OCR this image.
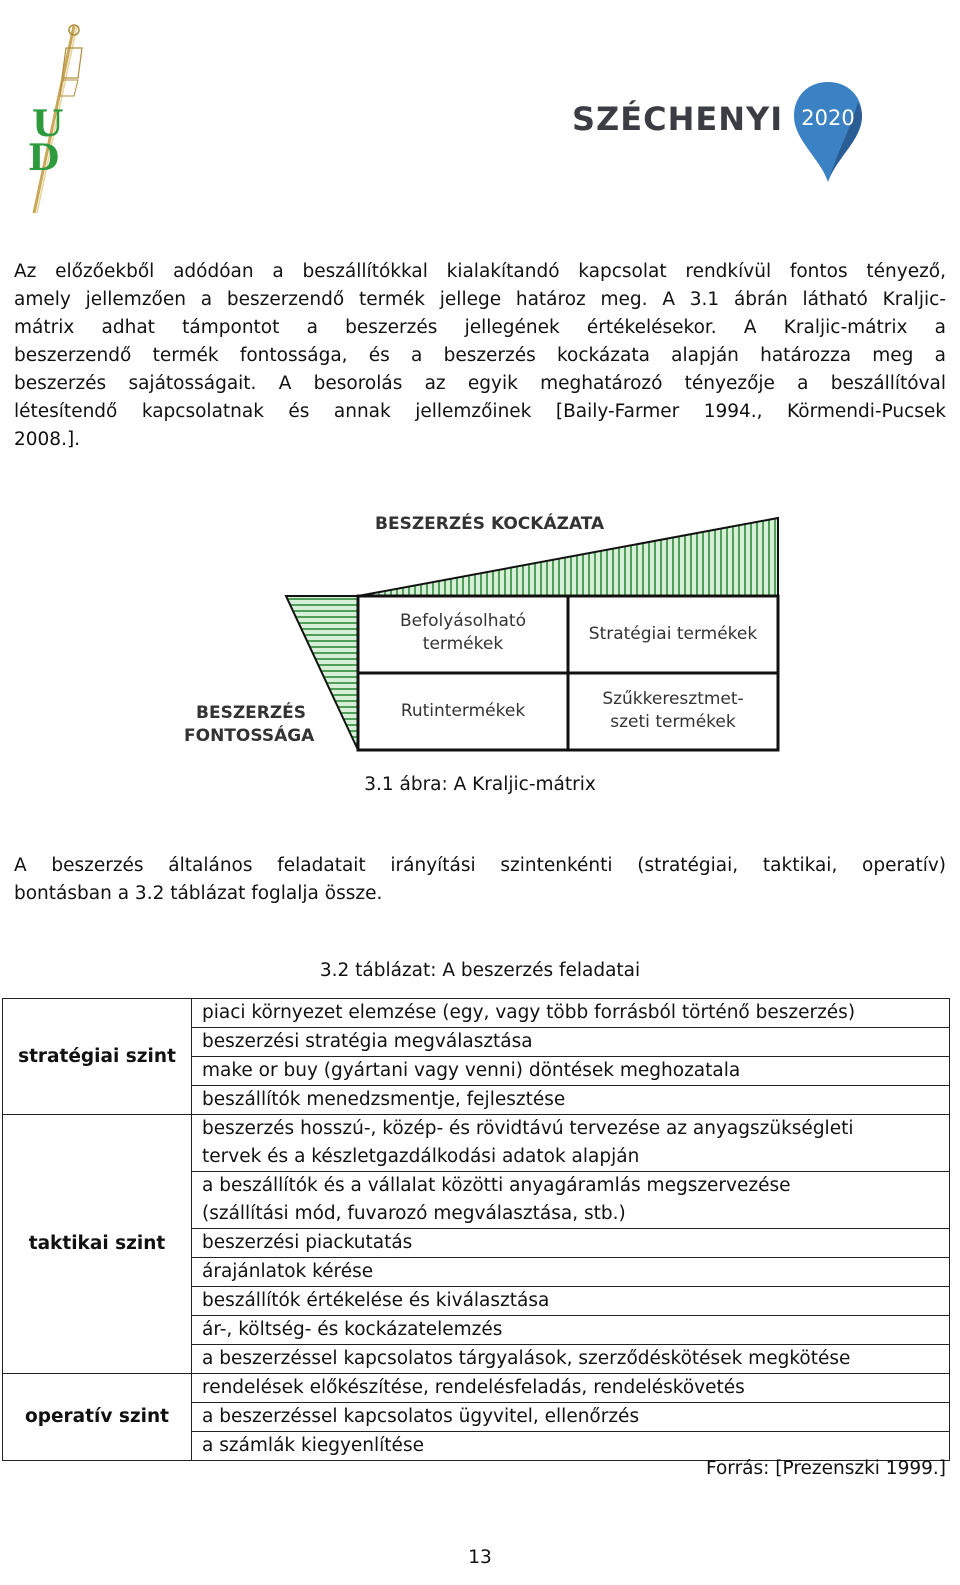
U
D
SZÉCHENYI 2020
Az előzőekből adódóan a beszállítókkal kialakítandó kapcsolat rendkívül fontos tényező,
amely jellemzően a beszerzendő termék jellege határoz meg. A 3.1 ábrán látható Kraljic-
mátrix adhat támpontot a beszerzés jellegének értékelésekor. A Kraljic-mátrix a
beszerzendő termék fontossága, és a beszerzés kockázata alapján határozza meg a
beszerzés sajátosságait. A besorolás az egyik meghatározó tényezője a beszállítóval
létesítendő kapcsolatnak és annak jellemzőinek [Baily-Farmer 1994., Körmendi-Pucsek
2008.].
BESZERZÉS KOCKÁZATA
BESZERZÉS
FONTOSSÁGA
Befolyásolható
termékek	Stratégiai termékek
Rutintermékek
Szűkkeresztmet-
szeti termékek
3.1 ábra: A Kraljic-mátrix
A beszerzés általános feladatait irányítási szintenkénti (stratégiai, taktikai, operatív)
bontásban a 3.2 táblázat foglalja össze.
3.2 táblázat: A beszerzés feladatai
stratégiai szint	piaci környezet elemzése (egy, vagy több forrásból történő beszerzés)
	beszerzési stratégia megválasztása
	make or buy (gyártani vagy venni) döntések meghozatala
	beszállítók menedzsmentje, fejlesztése
taktikai szint	beszerzés hosszú-, közép- és rövidtávú tervezése az anyagszükségleti
tervek és a készletgazdálkodási adatok alapján
	a beszállítók és a vállalat közötti anyagáramlás megszervezése
(szállítási mód, fuvarozó megválasztása, stb.)
	beszerzési piackutatás
	árajánlatok kérése
	beszállítók értékelése és kiválasztása
	ár-, költség- és kockázatelemzés
	a beszerzéssel kapcsolatos tárgyalások, szerződéskötések megkötése
operatív szint	rendelések előkészítése, rendelésfeladás, rendeléskövetés
	a beszerzéssel kapcsolatos ügyvitel, ellenőrzés
	a számlák kiegyenlítése
Forrás: [Prezenszki 1999.]
13
